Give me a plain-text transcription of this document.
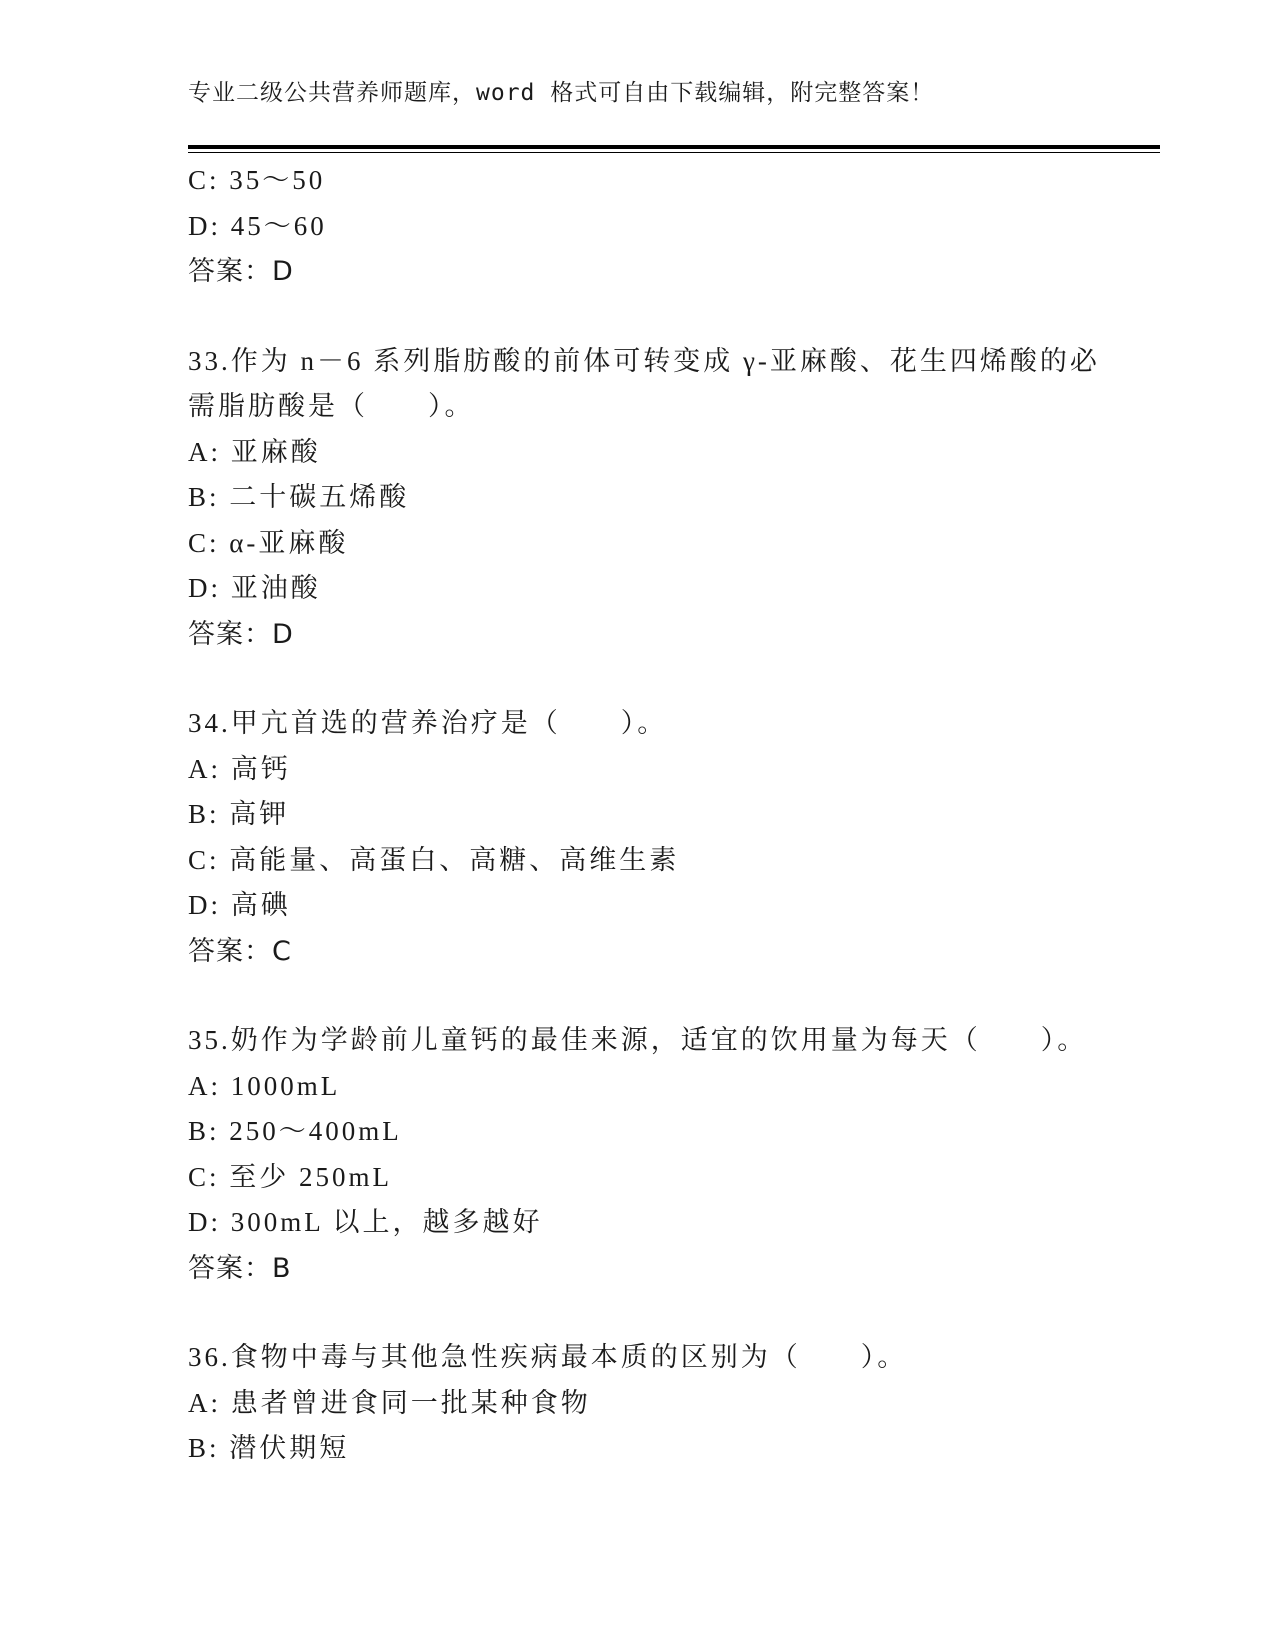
专业二级公共营养师题库，word 格式可自由下载编辑，附完整答案！
C: 35～50
D: 45～60
答案：D
33.作为 n－6 系列脂肪酸的前体可转变成 γ-亚麻酸、花生四烯酸的必
需脂肪酸是（　　）。
A: 亚麻酸
B: 二十碳五烯酸
C: α-亚麻酸
D: 亚油酸
答案：D
34.甲亢首选的营养治疗是（　　）。
A: 高钙
B: 高钾
C: 高能量、高蛋白、高糖、高维生素
D: 高碘
答案：C
35.奶作为学龄前儿童钙的最佳来源，适宜的饮用量为每天（　　）。
A: 1000mL
B: 250～400mL
C: 至少 250mL
D: 300mL 以上，越多越好
答案：B
36.食物中毒与其他急性疾病最本质的区别为（　　）。
A: 患者曾进食同一批某种食物
B: 潜伏期短
